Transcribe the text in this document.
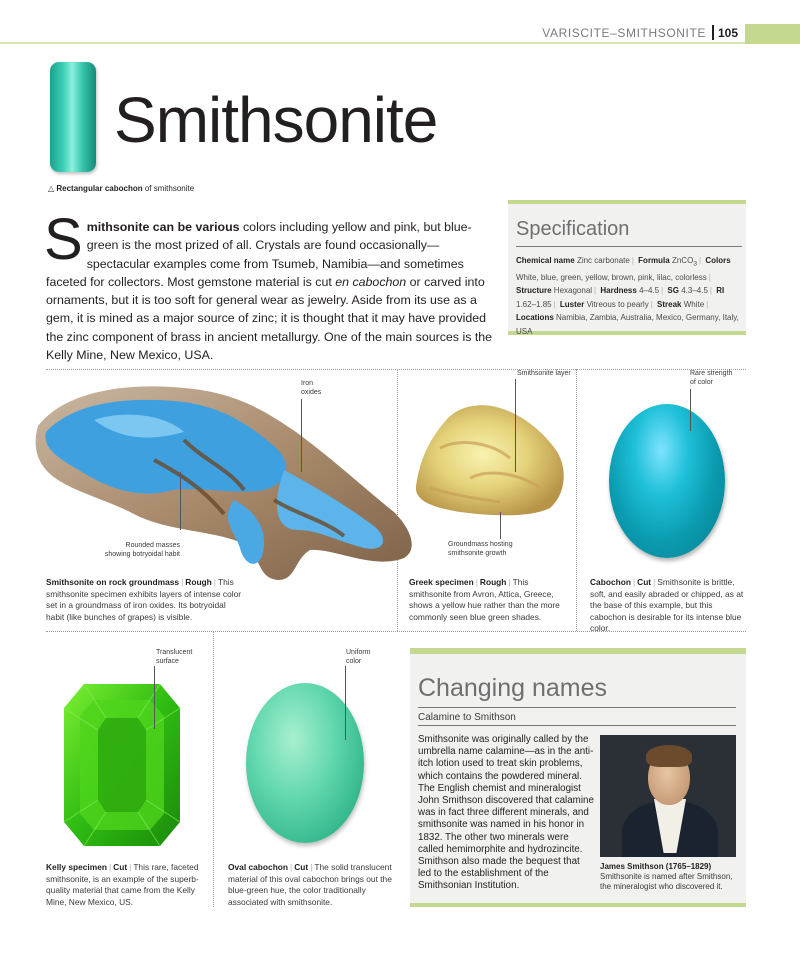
VARISCITE–SMITHSONITE 105
Smithsonite
△ Rectangular cabochon of smithsonite
Smithsonite can be various colors including yellow and pink, but blue-green is the most prized of all. Crystals are found occasionally—spectacular examples come from Tsumeb, Namibia—and sometimes faceted for collectors. Most gemstone material is cut en cabochon or carved into ornaments, but it is too soft for general wear as jewelry. Aside from its use as a gem, it is mined as a major source of zinc; it is thought that it may have provided the zinc component of brass in ancient metallurgy. One of the main sources is the Kelly Mine, New Mexico, USA.
Specification
Chemical name Zinc carbonate | Formula ZnCO$_3$ | Colors White, blue, green, yellow, brown, pink, lilac, colorless | Structure Hexagonal | Hardness 4–4.5 | SG 4.3–4.5 | RI 1.62–1.85 | Luster Vitreous to pearly | Streak White | Locations Namibia, Zambia, Australia, Mexico, Germany, Italy, USA
Iron
oxides
Rounded masses
showing botryoidal habit
Smithsonite on rock groundmass | Rough | This smithsonite specimen exhibits layers of intense color set in a groundmass of iron oxides. Its botryoidal habit (like bunches of grapes) is visible.
Smithsonite layer
Groundmass hosting
smithsonite growth
Greek specimen | Rough | This smithsonite from Avron, Attica, Greece, shows a yellow hue rather than the more commonly seen blue green shades.
Rare strength
of color
Cabochon | Cut | Smithsonite is brittle, soft, and easily abraded or chipped, as at the base of this example, but this cabochon is desirable for its intense blue color.
Translucent
surface
Kelly specimen | Cut | This rare, faceted smithsonite, is an example of the superb-quality material that came from the Kelly Mine, New Mexico, US.
Uniform
color
Oval cabochon | Cut | The solid translucent material of this oval cabochon brings out the blue-green hue, the color traditionally associated with smithsonite.
Changing names
Calamine to Smithson
Smithsonite was originally called by the umbrella name calamine—as in the anti-itch lotion used to treat skin problems, which contains the powdered mineral. The English chemist and mineralogist John Smithson discovered that calamine was in fact three different minerals, and smithsonite was named in his honor in 1832. The other two minerals were called hemimorphite and hydrozincite. Smithson also made the bequest that led to the establishment of the Smithsonian Institution.
James Smithson (1765–1829)
Smithsonite is named after Smithson, the mineralogist who discovered it.
